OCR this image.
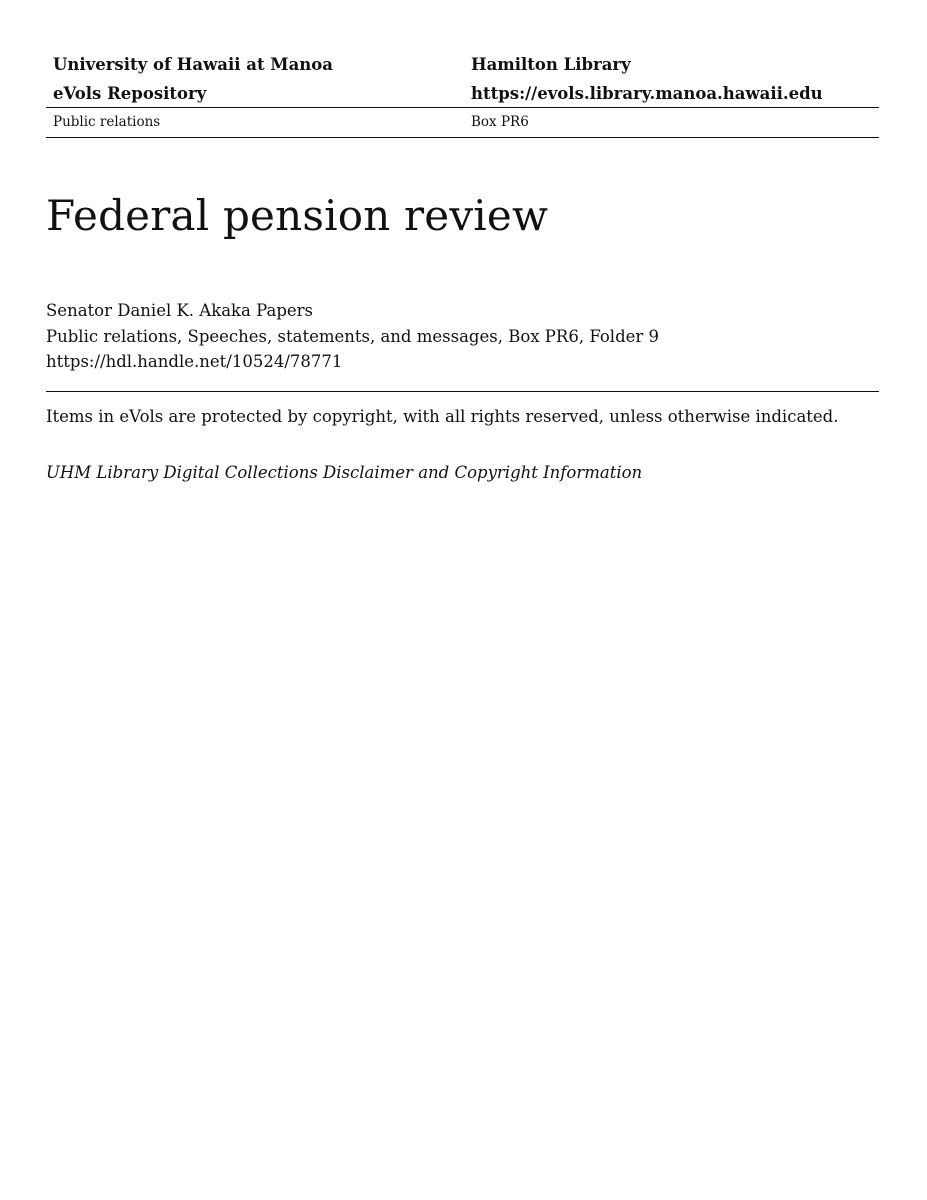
University of Hawaii at Manoa	Hamilton Library
eVols Repository	https://evols.library.manoa.hawaii.edu
Public relations	Box PR6
Federal pension review
Senator Daniel K. Akaka Papers
Public relations, Speeches, statements, and messages, Box PR6, Folder 9
https://hdl.handle.net/10524/78771
Items in eVols are protected by copyright, with all rights reserved, unless otherwise indicated.
UHM Library Digital Collections Disclaimer and Copyright Information
